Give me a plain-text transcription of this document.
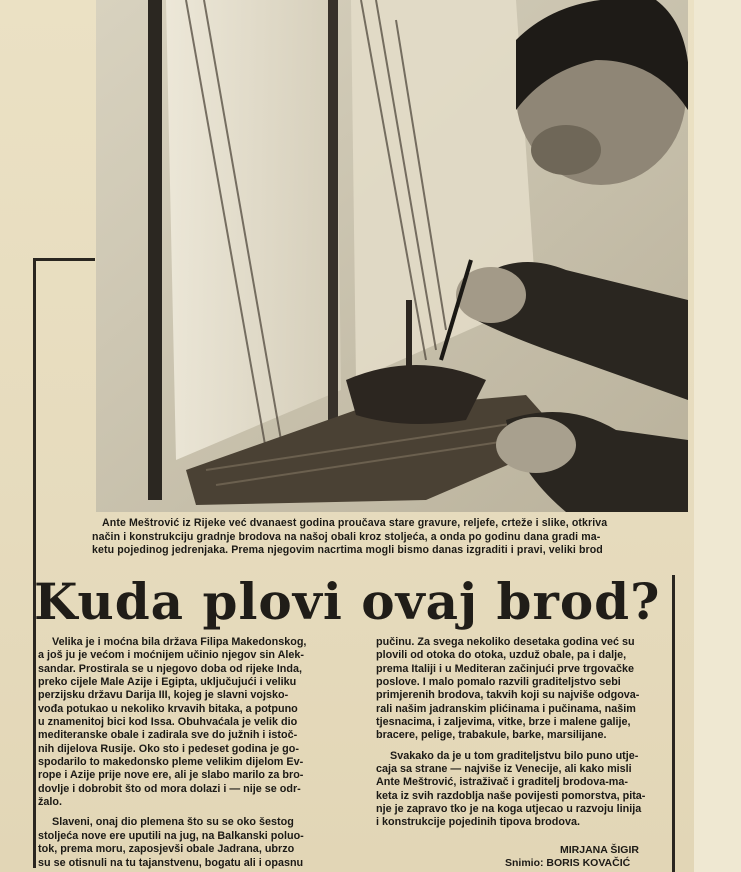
Ante Meštrović iz Rijeke već dvanaest godina proučava stare gravure, reljefe, crteže i slike, otkriva
način i konstrukciju gradnje brodova na našoj obali kroz stoljeća, a onda po godinu dana gradi ma-
ketu pojedinog jedrenjaka. Prema njegovim nacrtima mogli bismo danas izgraditi i pravi, veliki brod
Kuda plovi ovaj brod?
Velika je i moćna bila država Filipa Makedonskog,
a još ju je većom i moćnijem učinio njegov sin Alek-
sandar. Prostirala se u njegovo doba od rijeke Inda,
preko cijele Male Azije i Egipta, uključujući i veliku
perzijsku državu Darija III, kojeg je slavni vojsko-
vođa potukao u nekoliko krvavih bitaka, a potpuno
u znamenitoj bici kod Issa. Obuhvaćala je velik dio
mediteranske obale i zadirala sve do južnih i istoč-
nih dijelova Rusije. Oko sto i pedeset godina je go-
spodarilo to makedonsko pleme velikim dijelom Ev-
rope i Azije prije nove ere, ali je slabo marilo za bro-
dovlje i dobrobit što od mora dolazi i — nije se odr-
žalo.
Slaveni, onaj dio plemena što su se oko šestog
stoljeća nove ere uputili na jug, na Balkanski poluo-
tok, prema moru, zaposjevši obale Jadrana, ubrzo
su se otisnuli na tu tajanstvenu, bogatu ali i opasnu
pučinu. Za svega nekoliko desetaka godina već su
plovili od otoka do otoka, uzduž obale, pa i dalje,
prema Italiji i u Mediteran začinjući prve trgovačke
poslove. I malo pomalo razvili graditeljstvo sebi
primjerenih brodova, takvih koji su najviše odgova-
rali našim jadranskim plićinama i pučinama, našim
tjesnacima, i zaljevima, vitke, brze i malene galije,
bracere, pelige, trabakule, barke, marsilijane.
Svakako da je u tom graditeljstvu bilo puno utje-
caja sa strane — najviše iz Venecije, ali kako misli
Ante Meštrović, istraživač i graditelj brodova-ma-
keta iz svih razdoblja naše povijesti pomorstva, pita-
nje je zapravo tko je na koga utjecao u razvoju linija
i konstrukcije pojedinih tipova brodova.
MIRJANA ŠIGIR
Snimio: BORIS KOVAČIĆ
